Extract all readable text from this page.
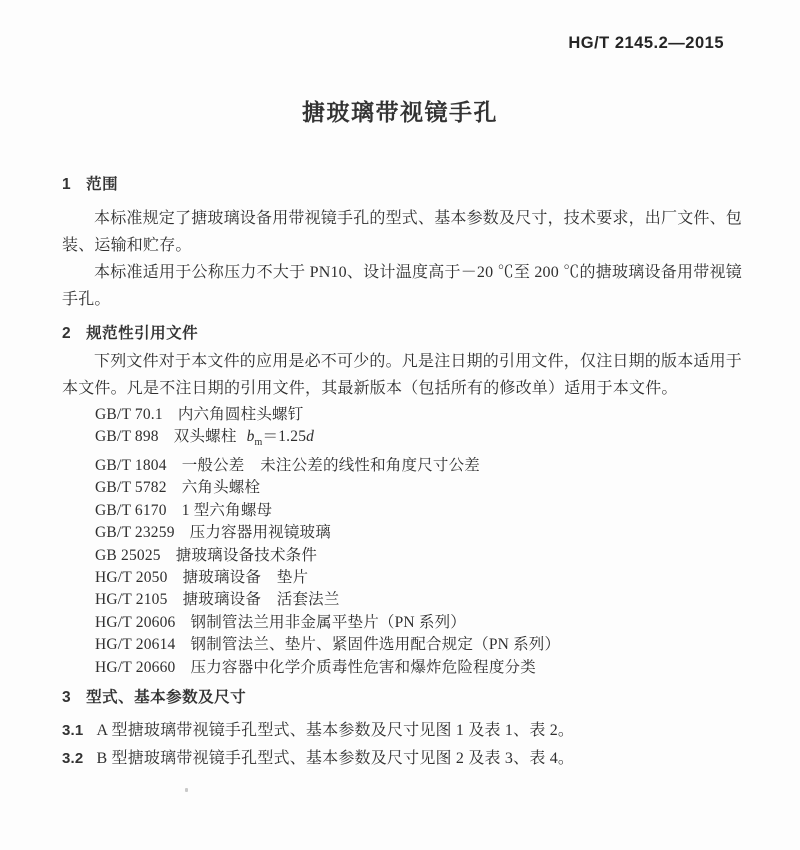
HG/T 2145.2—2015
搪玻璃带视镜手孔
1 范围

本标准规定了搪玻璃设备用带视镜手孔的型式、基本参数及尺寸，技术要求，出厂文件、包装、运输和贮存。

本标准适用于公称压力不大于 PN10、设计温度高于－20 ℃至 200 ℃的搪玻璃设备用带视镜手孔。

2 规范性引用文件

下列文件对于本文件的应用是必不可少的。凡是注日期的引用文件，仅注日期的版本适用于本文件。凡是不注日期的引用文件，其最新版本（包括所有的修改单）适用于本文件。

GB/T 70.1 内六角圆柱头螺钉
GB/T 898 双头螺柱 $b_m=1.25d$
GB/T 1804 一般公差　未注公差的线性和角度尺寸公差
GB/T 5782 六角头螺栓
GB/T 6170 1 型六角螺母
GB/T 23259 压力容器用视镜玻璃
GB 25025 搪玻璃设备技术条件
HG/T 2050 搪玻璃设备　垫片
HG/T 2105 搪玻璃设备　活套法兰
HG/T 20606 钢制管法兰用非金属平垫片（PN 系列）
HG/T 20614 钢制管法兰、垫片、紧固件选用配合规定（PN 系列）
HG/T 20660 压力容器中化学介质毒性危害和爆炸危险程度分类
3 型式、基本参数及尺寸
3.1 A 型搪玻璃带视镜手孔型式、基本参数及尺寸见图 1 及表 1、表 2。
3.2 B 型搪玻璃带视镜手孔型式、基本参数及尺寸见图 2 及表 3、表 4。
